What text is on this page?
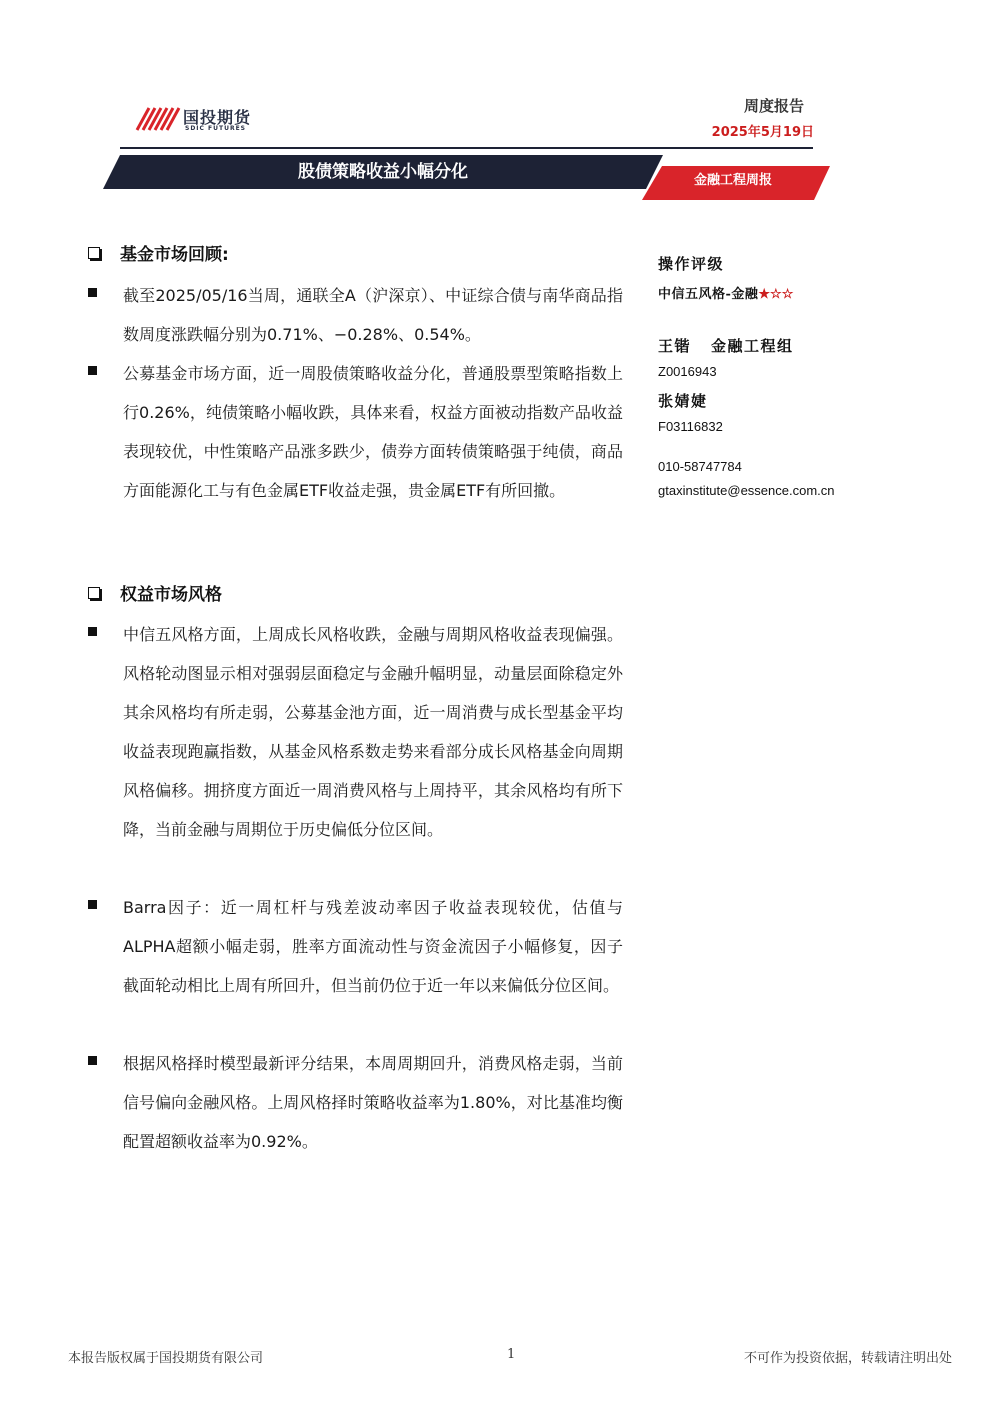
国投期货
SDIC FUTURES
周度报告
2025年5月19日
股债策略收益小幅分化	金融工程周报
基金市场回顾:
截至2025/05/16当周，通联全A（沪深京）、中证综合债与南华商品指数周度涨跌幅分别为0.71%、−0.28%、0.54%。
公募基金市场方面，近一周股债策略收益分化，普通股票型策略指数上行0.26%，纯债策略小幅收跌，具体来看，权益方面被动指数产品收益表现较优，中性策略产品涨多跌少，债券方面转债策略强于纯债，商品方面能源化工与有色金属ETF收益走强，贵金属ETF有所回撤。
权益市场风格
中信五风格方面，上周成长风格收跌，金融与周期风格收益表现偏强。风格轮动图显示相对强弱层面稳定与金融升幅明显，动量层面除稳定外其余风格均有所走弱，公募基金池方面，近一周消费与成长型基金平均收益表现跑赢指数，从基金风格系数走势来看部分成长风格基金向周期风格偏移。拥挤度方面近一周消费风格与上周持平，其余风格均有所下降，当前金融与周期位于历史偏低分位区间。
Barra因子：近一周杠杆与残差波动率因子收益表现较优，估值与ALPHA超额小幅走弱，胜率方面流动性与资金流因子小幅修复，因子截面轮动相比上周有所回升，但当前仍位于近一年以来偏低分位区间。
根据风格择时模型最新评分结果，本周周期回升，消费风格走弱，当前信号偏向金融风格。上周风格择时策略收益率为1.80%，对比基准均衡配置超额收益率为0.92%。
操作评级
中信五风格-金融★☆☆
王锴 金融工程组
Z0016943
张婧婕
F03116832
010-58747784
gtaxinstitute@essence.com.cn
本报告版权属于国投期货有限公司	1	不可作为投资依据，转载请注明出处
